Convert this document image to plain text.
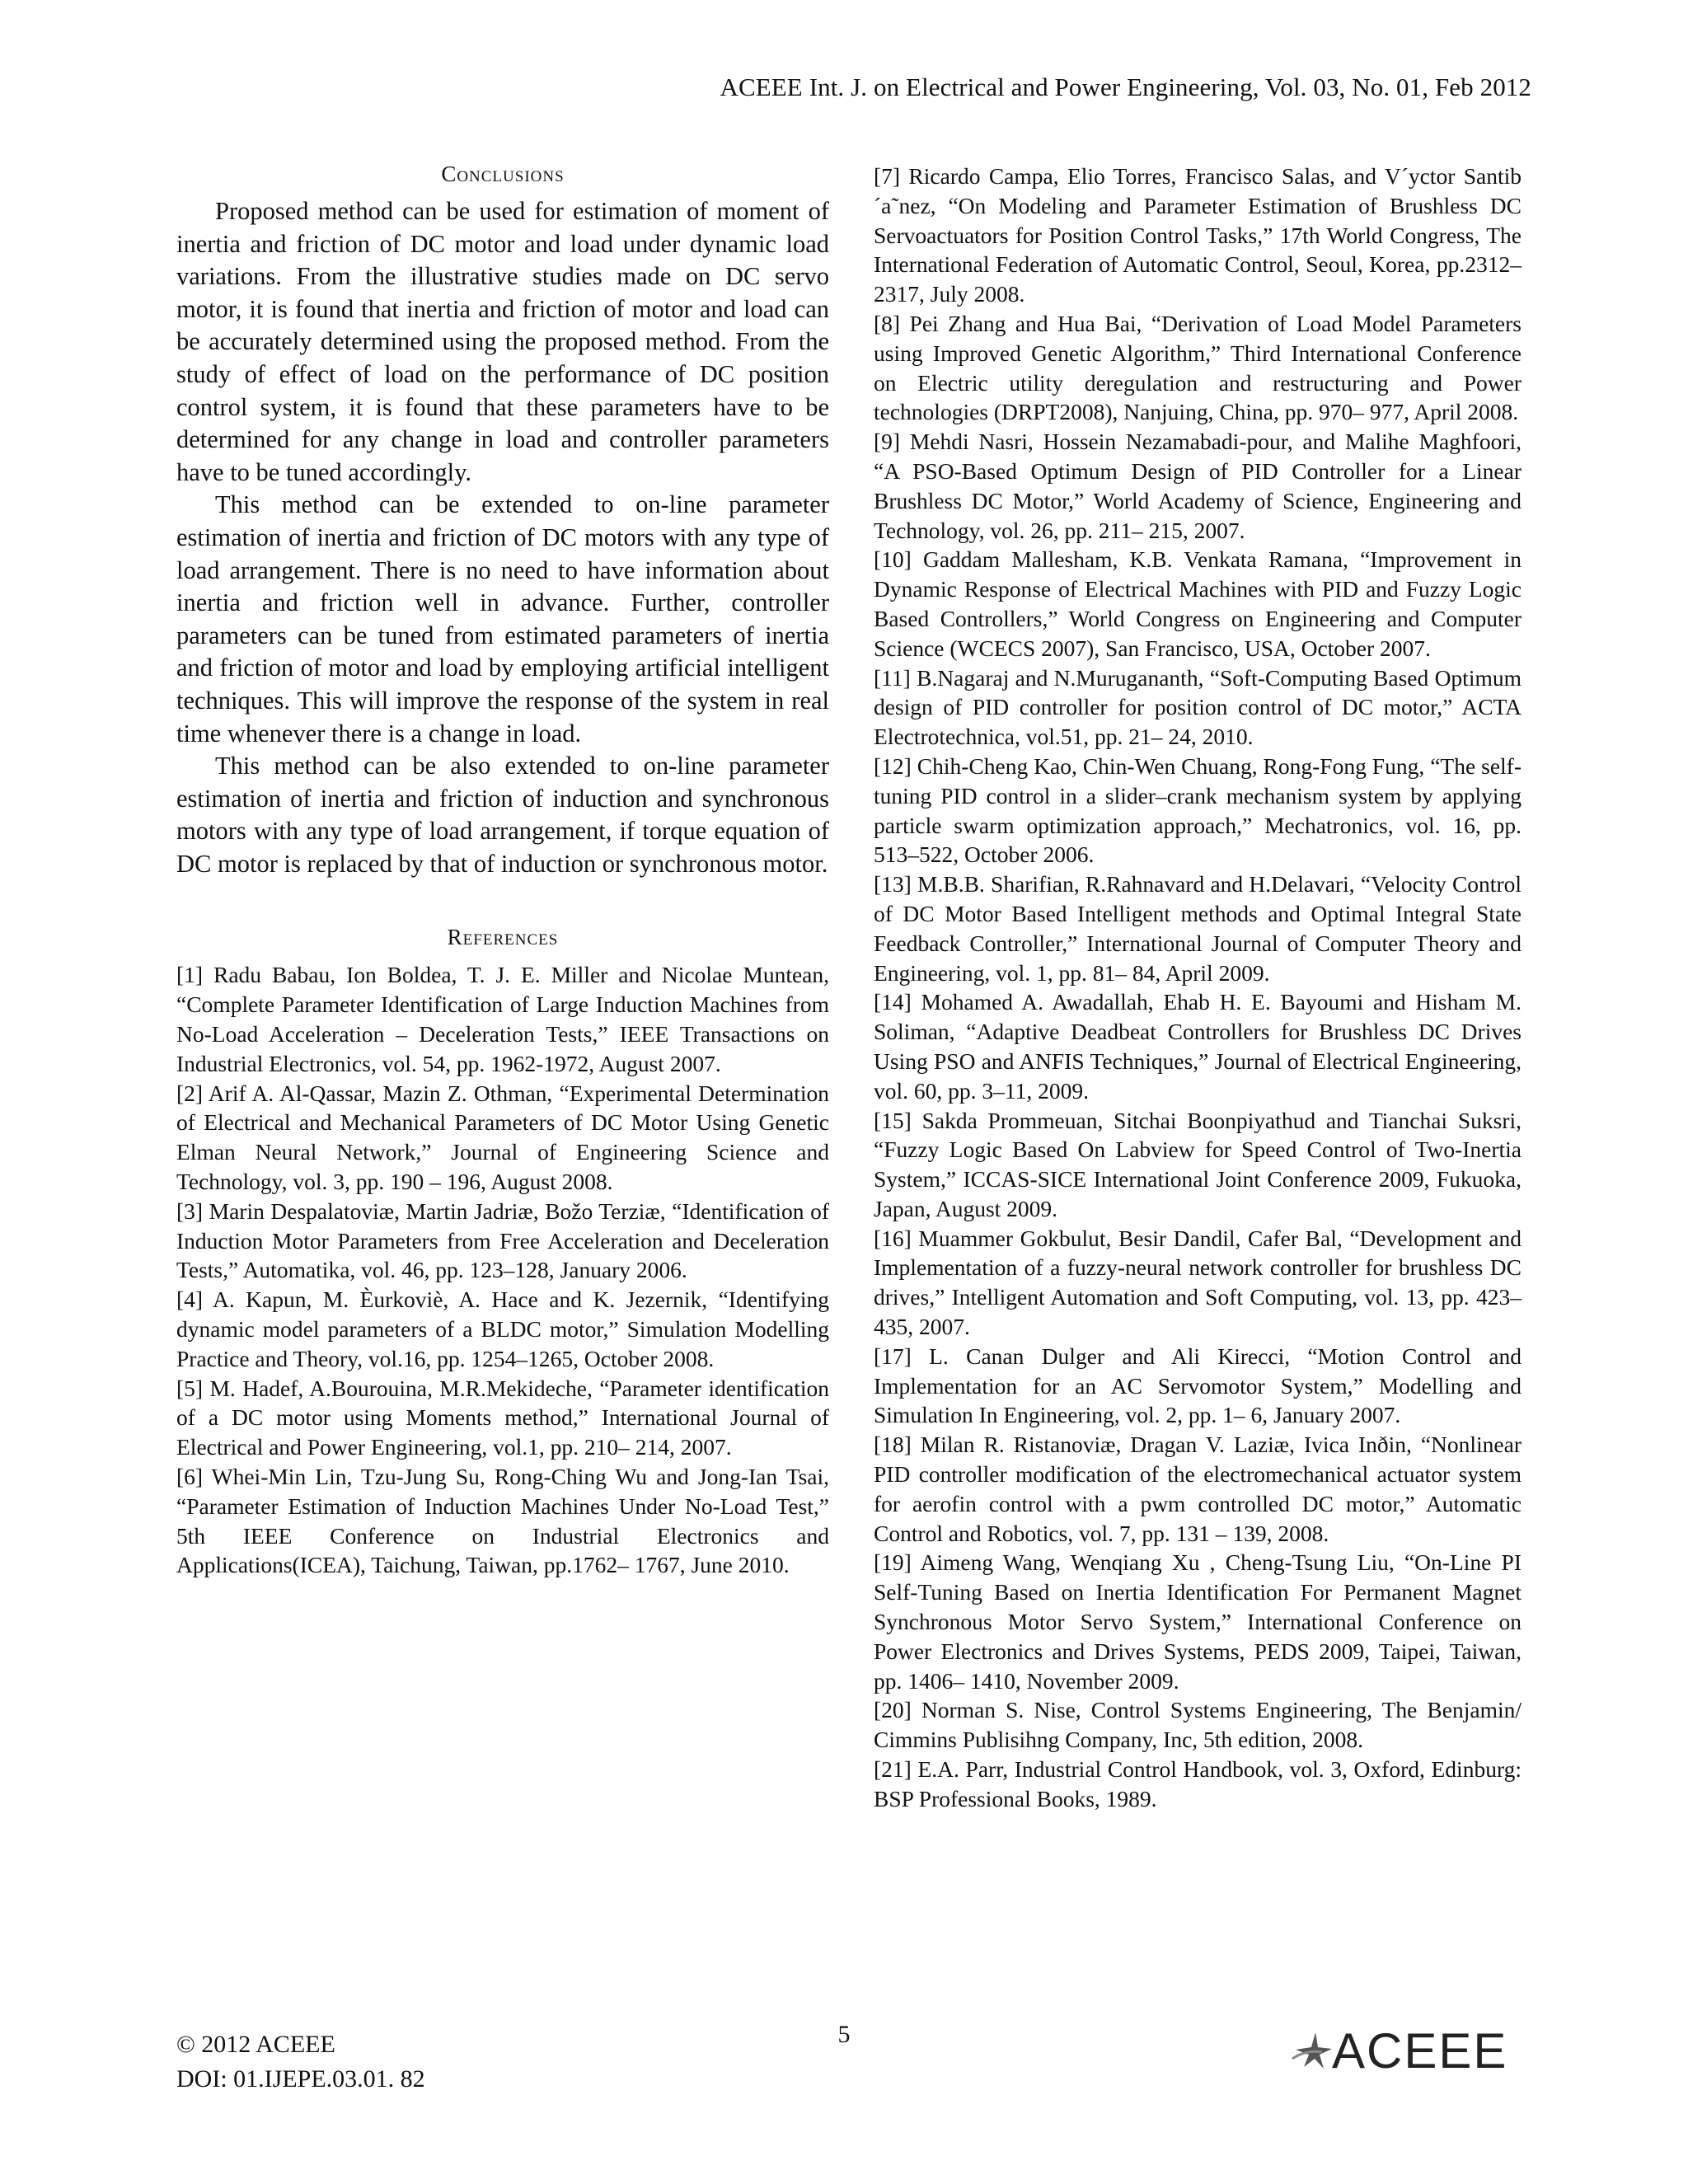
ACEEE Int. J. on Electrical and Power Engineering, Vol. 03, No. 01, Feb 2012
Conclusions

Proposed method can be used for estimation of moment of inertia and friction of DC motor and load under dynamic load variations. From the illustrative studies made on DC servo motor, it is found that inertia and friction of motor and load can be accurately determined using the proposed method. From the study of effect of load on the performance of DC position control system, it is found that these parameters have to be determined for any change in load and controller parameters have to be tuned accordingly.

This method can be extended to on-line parameter estimation of inertia and friction of DC motors with any type of load arrangement. There is no need to have information about inertia and friction well in advance. Further, controller parameters can be tuned from estimated parameters of inertia and friction of motor and load by employing artificial intelligent techniques. This will improve the response of the system in real time whenever there is a change in load.

This method can be also extended to on-line parameter estimation of inertia and friction of induction and synchronous motors with any type of load arrangement, if torque equation of DC motor is replaced by that of induction or synchronous motor.

References

[1] Radu Babau, Ion Boldea, T. J. E. Miller and Nicolae Muntean, “Complete Parameter Identification of Large Induction Machines from No-Load Acceleration – Deceleration Tests,” IEEE Transactions on Industrial Electronics, vol. 54, pp. 1962-1972, August 2007.

[2] Arif A. Al-Qassar, Mazin Z. Othman, “Experimental Determination of Electrical and Mechanical Parameters of DC Motor Using Genetic Elman Neural Network,” Journal of Engineering Science and Technology, vol. 3, pp. 190 – 196, August 2008.

[3] Marin Despalatoviæ, Martin Jadriæ, Božo Terziæ, “Identification of Induction Motor Parameters from Free Acceleration and Deceleration Tests,” Automatika, vol. 46, pp. 123–128, January 2006.

[4] A. Kapun, M. Èurkoviè, A. Hace and K. Jezernik, “Identifying dynamic model parameters of a BLDC motor,” Simulation Modelling Practice and Theory, vol.16, pp. 1254–1265, October 2008.

[5] M. Hadef, A.Bourouina, M.R.Mekideche, “Parameter identification of a DC motor using Moments method,” International Journal of Electrical and Power Engineering, vol.1, pp. 210– 214, 2007.

[6] Whei-Min Lin, Tzu-Jung Su, Rong-Ching Wu and Jong-Ian Tsai, “Parameter Estimation of Induction Machines Under No-Load Test,” 5th IEEE Conference on Industrial Electronics and Applications(ICEA), Taichung, Taiwan, pp.1762– 1767, June 2010.

[7] Ricardo Campa, Elio Torres, Francisco Salas, and V´yctor Santib´a˜nez, “On Modeling and Parameter Estimation of Brushless DC Servoactuators for Position Control Tasks,” 17th World Congress, The International Federation of Automatic Control, Seoul, Korea, pp.2312– 2317, July 2008.

[8] Pei Zhang and Hua Bai, “Derivation of Load Model Parameters using Improved Genetic Algorithm,” Third International Conference on Electric utility deregulation and restructuring and Power technologies (DRPT2008), Nanjuing, China, pp. 970– 977, April 2008.

[9] Mehdi Nasri, Hossein Nezamabadi-pour, and Malihe Maghfoori, “A PSO-Based Optimum Design of PID Controller for a Linear Brushless DC Motor,” World Academy of Science, Engineering and Technology, vol. 26, pp. 211– 215, 2007.

[10] Gaddam Mallesham, K.B. Venkata Ramana, “Improvement in Dynamic Response of Electrical Machines with PID and Fuzzy Logic Based Controllers,” World Congress on Engineering and Computer Science (WCECS 2007), San Francisco, USA, October 2007.

[11] B.Nagaraj and N.Murugananth, “Soft-Computing Based Optimum design of PID controller for position control of DC motor,” ACTA Electrotechnica, vol.51, pp. 21– 24, 2010.

[12] Chih-Cheng Kao, Chin-Wen Chuang, Rong-Fong Fung, “The self-tuning PID control in a slider–crank mechanism system by applying particle swarm optimization approach,” Mechatronics, vol. 16, pp. 513–522, October 2006.

[13] M.B.B. Sharifian, R.Rahnavard and H.Delavari, “Velocity Control of DC Motor Based Intelligent methods and Optimal Integral State Feedback Controller,” International Journal of Computer Theory and Engineering, vol. 1, pp. 81– 84, April 2009.

[14] Mohamed A. Awadallah, Ehab H. E. Bayoumi and Hisham M. Soliman, “Adaptive Deadbeat Controllers for Brushless DC Drives Using PSO and ANFIS Techniques,” Journal of Electrical Engineering, vol. 60, pp. 3–11, 2009.

[15] Sakda Prommeuan, Sitchai Boonpiyathud and Tianchai Suksri, “Fuzzy Logic Based On Labview for Speed Control of Two-Inertia System,” ICCAS-SICE International Joint Conference 2009, Fukuoka, Japan, August 2009.

[16] Muammer Gokbulut, Besir Dandil, Cafer Bal, “Development and Implementation of a fuzzy-neural network controller for brushless DC drives,” Intelligent Automation and Soft Computing, vol. 13, pp. 423– 435, 2007.

[17] L. Canan Dulger and Ali Kirecci, “Motion Control and Implementation for an AC Servomotor System,” Modelling and Simulation In Engineering, vol. 2, pp. 1– 6, January 2007.

[18] Milan R. Ristanoviæ, Dragan V. Laziæ, Ivica Inðin, “Nonlinear PID controller modification of the electromechanical actuator system for aerofin control with a pwm controlled DC motor,” Automatic Control and Robotics, vol. 7, pp. 131 – 139, 2008.

[19] Aimeng Wang, Wenqiang Xu , Cheng-Tsung Liu, “On-Line PI Self-Tuning Based on Inertia Identification For Permanent Magnet Synchronous Motor Servo System,” International Conference on Power Electronics and Drives Systems, PEDS 2009, Taipei, Taiwan, pp. 1406– 1410, November 2009.

[20] Norman S. Nise, Control Systems Engineering, The Benjamin/ Cimmins Publisihng Company, Inc, 5th edition, 2008.

[21] E.A. Parr, Industrial Control Handbook, vol. 3, Oxford, Edinburg: BSP Professional Books, 1989.

© 2012 ACEEE
DOI: 01.IJEPE.03.01. 82
5	ACEEE
